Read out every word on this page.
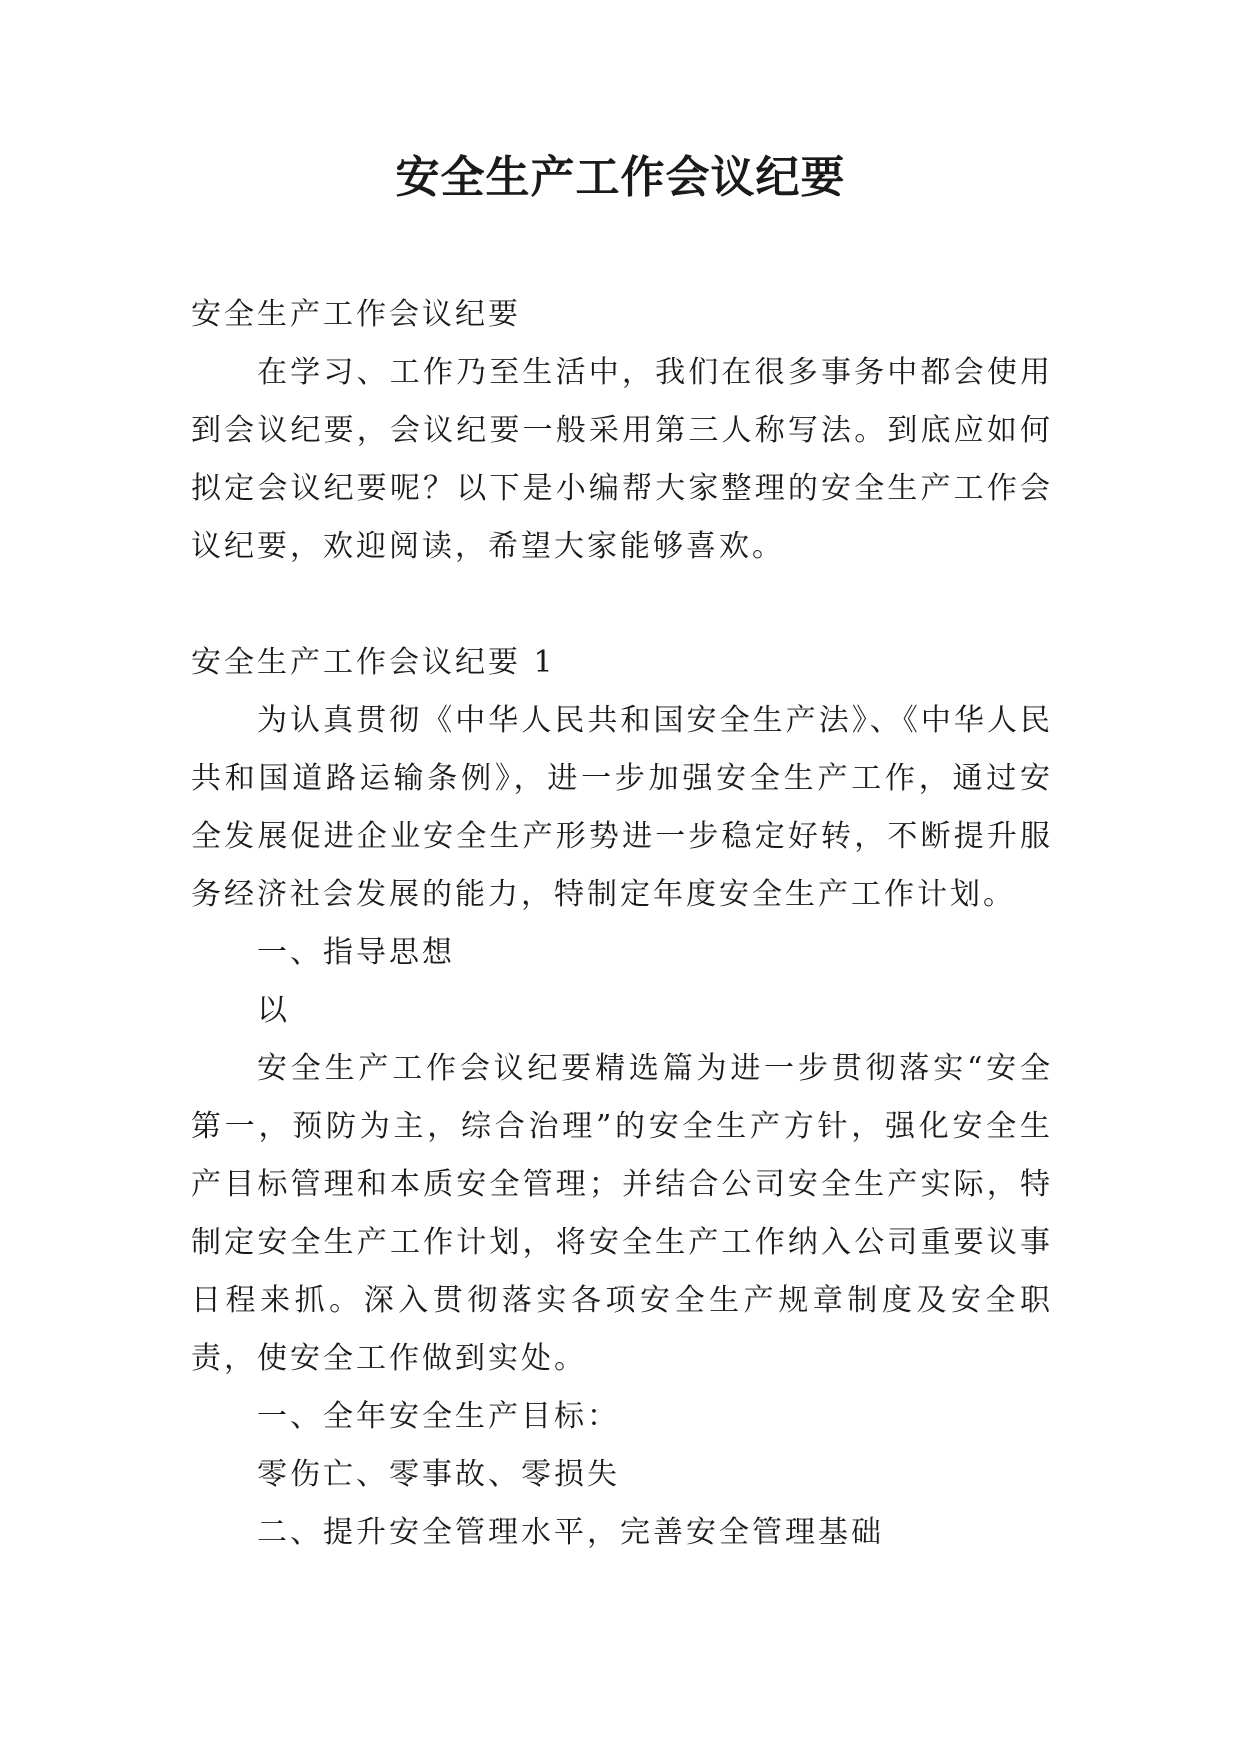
安全生产工作会议纪要

安全生产工作会议纪要

在学习、工作乃至生活中，我们在很多事务中都会使用到会议纪要，会议纪要一般采用第三人称写法。到底应如何拟定会议纪要呢？以下是小编帮大家整理的安全生产工作会议纪要，欢迎阅读，希望大家能够喜欢。

安全生产工作会议纪要 1

为认真贯彻《中华人民共和国安全生产法》、《中华人民共和国道路运输条例》，进一步加强安全生产工作，通过安全发展促进企业安全生产形势进一步稳定好转，不断提升服务经济社会发展的能力，特制定年度安全生产工作计划。

一、指导思想

以

安全生产工作会议纪要精选篇为进一步贯彻落实“安全第一，预防为主，综合治理”的安全生产方针，强化安全生产目标管理和本质安全管理；并结合公司安全生产实际，特制定安全生产工作计划，将安全生产工作纳入公司重要议事日程来抓。深入贯彻落实各项安全生产规章制度及安全职责，使安全工作做到实处。

一、全年安全生产目标：

零伤亡、零事故、零损失

二、提升安全管理水平，完善安全管理基础
